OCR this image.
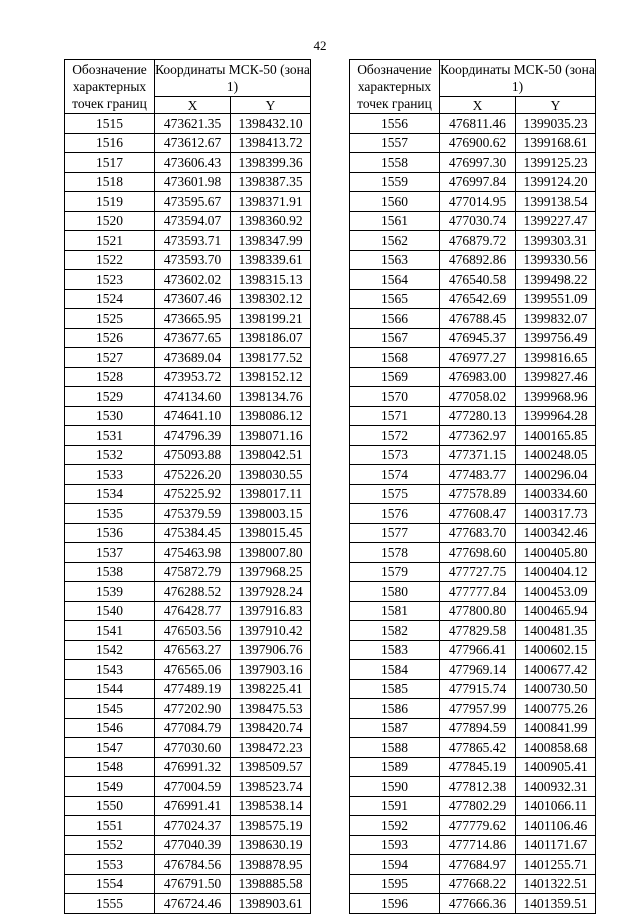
42
Обозначение характерных точек границ	Координаты МСК-50 (зона 1)	
	X	Y
1515	473621.35	1398432.10
1516	473612.67	1398413.72
1517	473606.43	1398399.36
1518	473601.98	1398387.35
1519	473595.67	1398371.91
1520	473594.07	1398360.92
1521	473593.71	1398347.99
1522	473593.70	1398339.61
1523	473602.02	1398315.13
1524	473607.46	1398302.12
1525	473665.95	1398199.21
1526	473677.65	1398186.07
1527	473689.04	1398177.52
1528	473953.72	1398152.12
1529	474134.60	1398134.76
1530	474641.10	1398086.12
1531	474796.39	1398071.16
1532	475093.88	1398042.51
1533	475226.20	1398030.55
1534	475225.92	1398017.11
1535	475379.59	1398003.15
1536	475384.45	1398015.45
1537	475463.98	1398007.80
1538	475872.79	1397968.25
1539	476288.52	1397928.24
1540	476428.77	1397916.83
1541	476503.56	1397910.42
1542	476563.27	1397906.76
1543	476565.06	1397903.16
1544	477489.19	1398225.41
1545	477202.90	1398475.53
1546	477084.79	1398420.74
1547	477030.60	1398472.23
1548	476991.32	1398509.57
1549	477004.59	1398523.74
1550	476991.41	1398538.14
1551	477024.37	1398575.19
1552	477040.39	1398630.19
1553	476784.56	1398878.95
1554	476791.50	1398885.58
1555	476724.46	1398903.61
Обозначение характерных точек границ	Координаты МСК-50 (зона 1)	
	X	Y
1556	476811.46	1399035.23
1557	476900.62	1399168.61
1558	476997.30	1399125.23
1559	476997.84	1399124.20
1560	477014.95	1399138.54
1561	477030.74	1399227.47
1562	476879.72	1399303.31
1563	476892.86	1399330.56
1564	476540.58	1399498.22
1565	476542.69	1399551.09
1566	476788.45	1399832.07
1567	476945.37	1399756.49
1568	476977.27	1399816.65
1569	476983.00	1399827.46
1570	477058.02	1399968.96
1571	477280.13	1399964.28
1572	477362.97	1400165.85
1573	477371.15	1400248.05
1574	477483.77	1400296.04
1575	477578.89	1400334.60
1576	477608.47	1400317.73
1577	477683.70	1400342.46
1578	477698.60	1400405.80
1579	477727.75	1400404.12
1580	477777.84	1400453.09
1581	477800.80	1400465.94
1582	477829.58	1400481.35
1583	477966.41	1400602.15
1584	477969.14	1400677.42
1585	477915.74	1400730.50
1586	477957.99	1400775.26
1587	477894.59	1400841.99
1588	477865.42	1400858.68
1589	477845.19	1400905.41
1590	477812.38	1400932.31
1591	477802.29	1401066.11
1592	477779.62	1401106.46
1593	477714.86	1401171.67
1594	477684.97	1401255.71
1595	477668.22	1401322.51
1596	477666.36	1401359.51
